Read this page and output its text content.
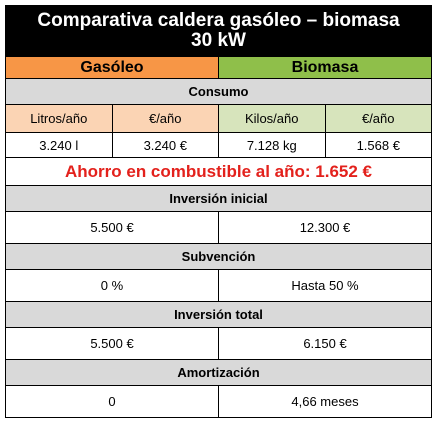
Comparativa caldera gasóleo – biomasa
30 kW			

Gasóleo		Biomasa	
Consumo			
Litros/año	€/año	Kilos/año	€/año
3.240 l	3.240 €	7.128 kg	1.568 €
Ahorro en combustible al año: 1.652 €			
Inversión inicial			
5.500 €		12.300 €	
Subvención			
0 %		Hasta 50 %	
Inversión total			
5.500 €		6.150 €	
Amortización			
0		4,66 meses	
